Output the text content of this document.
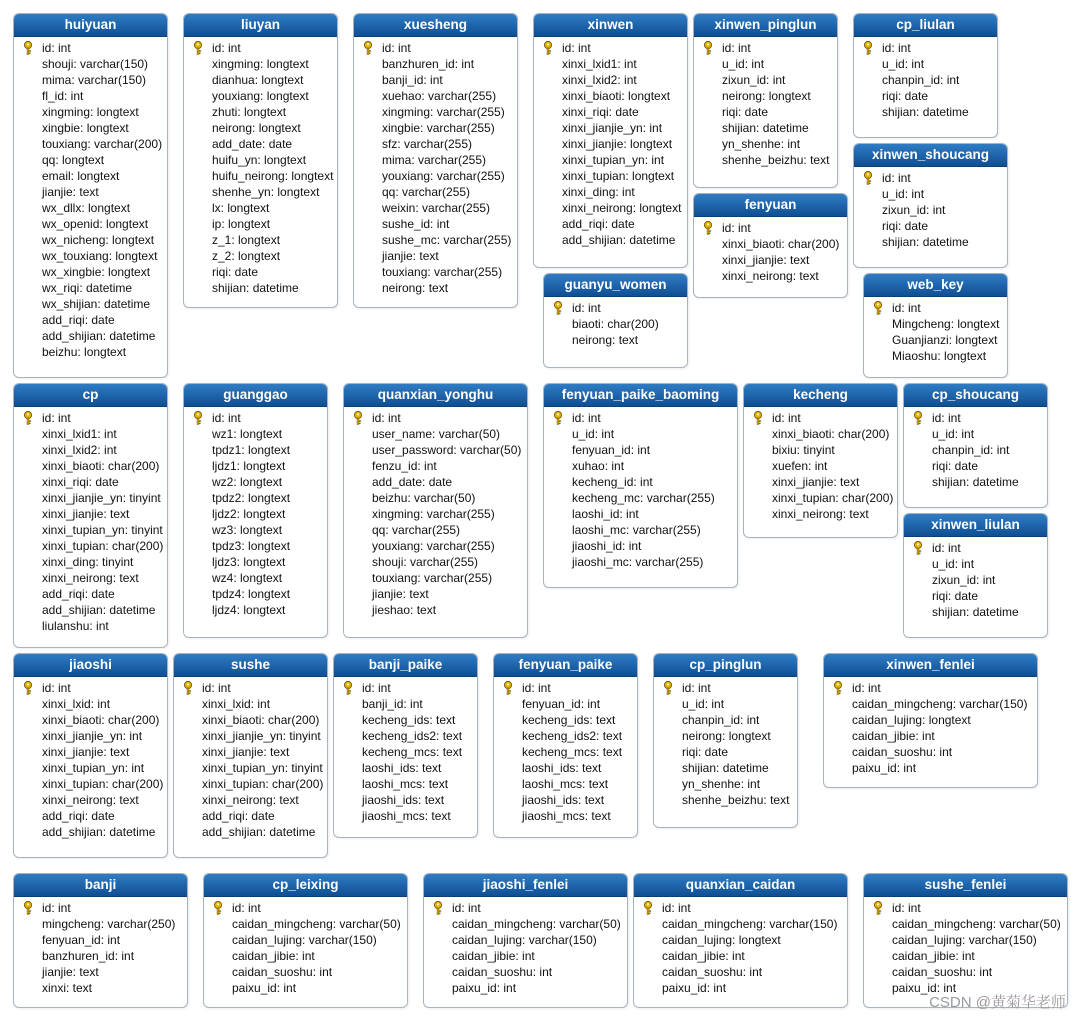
huiyuan
id: int
shouji: varchar(150)
mima: varchar(150)
fl_id: int
xingming: longtext
xingbie: longtext
touxiang: varchar(200)
qq: longtext
email: longtext
jianjie: text
wx_dllx: longtext
wx_openid: longtext
wx_nicheng: longtext
wx_touxiang: longtext
wx_xingbie: longtext
wx_riqi: datetime
wx_shijian: datetime
add_riqi: date
add_shijian: datetime
beizhu: longtext
liuyan
id: int
xingming: longtext
dianhua: longtext
youxiang: longtext
zhuti: longtext
neirong: longtext
add_date: date
huifu_yn: longtext
huifu_neirong: longtext
shenhe_yn: longtext
lx: longtext
ip: longtext
z_1: longtext
z_2: longtext
riqi: date
shijian: datetime
xuesheng
id: int
banzhuren_id: int
banji_id: int
xuehao: varchar(255)
xingming: varchar(255)
xingbie: varchar(255)
sfz: varchar(255)
mima: varchar(255)
youxiang: varchar(255)
qq: varchar(255)
weixin: varchar(255)
sushe_id: int
sushe_mc: varchar(255)
jianjie: text
touxiang: varchar(255)
neirong: text
xinwen
id: int
xinxi_lxid1: int
xinxi_lxid2: int
xinxi_biaoti: longtext
xinxi_riqi: date
xinxi_jianjie_yn: int
xinxi_jianjie: longtext
xinxi_tupian_yn: int
xinxi_tupian: longtext
xinxi_ding: int
xinxi_neirong: longtext
add_riqi: date
add_shijian: datetime
xinwen_pinglun
id: int
u_id: int
zixun_id: int
neirong: longtext
riqi: date
shijian: datetime
yn_shenhe: int
shenhe_beizhu: text
cp_liulan
id: int
u_id: int
chanpin_id: int
riqi: date
shijian: datetime
xinwen_shoucang
id: int
u_id: int
zixun_id: int
riqi: date
shijian: datetime
fenyuan
id: int
xinxi_biaoti: char(200)
xinxi_jianjie: text
xinxi_neirong: text
guanyu_women
id: int
biaoti: char(200)
neirong: text
web_key
id: int
Mingcheng: longtext
Guanjianzi: longtext
Miaoshu: longtext
cp
id: int
xinxi_lxid1: int
xinxi_lxid2: int
xinxi_biaoti: char(200)
xinxi_riqi: date
xinxi_jianjie_yn: tinyint
xinxi_jianjie: text
xinxi_tupian_yn: tinyint
xinxi_tupian: char(200)
xinxi_ding: tinyint
xinxi_neirong: text
add_riqi: date
add_shijian: datetime
liulanshu: int
guanggao
id: int
wz1: longtext
tpdz1: longtext
ljdz1: longtext
wz2: longtext
tpdz2: longtext
ljdz2: longtext
wz3: longtext
tpdz3: longtext
ljdz3: longtext
wz4: longtext
tpdz4: longtext
ljdz4: longtext
quanxian_yonghu
id: int
user_name: varchar(50)
user_password: varchar(50)
fenzu_id: int
add_date: date
beizhu: varchar(50)
xingming: varchar(255)
qq: varchar(255)
youxiang: varchar(255)
shouji: varchar(255)
touxiang: varchar(255)
jianjie: text
jieshao: text
fenyuan_paike_baoming
id: int
u_id: int
fenyuan_id: int
xuhao: int
kecheng_id: int
kecheng_mc: varchar(255)
laoshi_id: int
laoshi_mc: varchar(255)
jiaoshi_id: int
jiaoshi_mc: varchar(255)
kecheng
id: int
xinxi_biaoti: char(200)
bixiu: tinyint
xuefen: int
xinxi_jianjie: text
xinxi_tupian: char(200)
xinxi_neirong: text
cp_shoucang
id: int
u_id: int
chanpin_id: int
riqi: date
shijian: datetime
xinwen_liulan
id: int
u_id: int
zixun_id: int
riqi: date
shijian: datetime
jiaoshi
id: int
xinxi_lxid: int
xinxi_biaoti: char(200)
xinxi_jianjie_yn: int
xinxi_jianjie: text
xinxi_tupian_yn: int
xinxi_tupian: char(200)
xinxi_neirong: text
add_riqi: date
add_shijian: datetime
sushe
id: int
xinxi_lxid: int
xinxi_biaoti: char(200)
xinxi_jianjie_yn: tinyint
xinxi_jianjie: text
xinxi_tupian_yn: tinyint
xinxi_tupian: char(200)
xinxi_neirong: text
add_riqi: date
add_shijian: datetime
banji_paike
id: int
banji_id: int
kecheng_ids: text
kecheng_ids2: text
kecheng_mcs: text
laoshi_ids: text
laoshi_mcs: text
jiaoshi_ids: text
jiaoshi_mcs: text
fenyuan_paike
id: int
fenyuan_id: int
kecheng_ids: text
kecheng_ids2: text
kecheng_mcs: text
laoshi_ids: text
laoshi_mcs: text
jiaoshi_ids: text
jiaoshi_mcs: text
cp_pinglun
id: int
u_id: int
chanpin_id: int
neirong: longtext
riqi: date
shijian: datetime
yn_shenhe: int
shenhe_beizhu: text
xinwen_fenlei
id: int
caidan_mingcheng: varchar(150)
caidan_lujing: longtext
caidan_jibie: int
caidan_suoshu: int
paixu_id: int
banji
id: int
mingcheng: varchar(250)
fenyuan_id: int
banzhuren_id: int
jianjie: text
xinxi: text
cp_leixing
id: int
caidan_mingcheng: varchar(50)
caidan_lujing: varchar(150)
caidan_jibie: int
caidan_suoshu: int
paixu_id: int
jiaoshi_fenlei
id: int
caidan_mingcheng: varchar(50)
caidan_lujing: varchar(150)
caidan_jibie: int
caidan_suoshu: int
paixu_id: int
quanxian_caidan
id: int
caidan_mingcheng: varchar(150)
caidan_lujing: longtext
caidan_jibie: int
caidan_suoshu: int
paixu_id: int
sushe_fenlei
id: int
caidan_mingcheng: varchar(50)
caidan_lujing: varchar(150)
caidan_jibie: int
caidan_suoshu: int
paixu_id: int
CSDN @黄菊华老师
